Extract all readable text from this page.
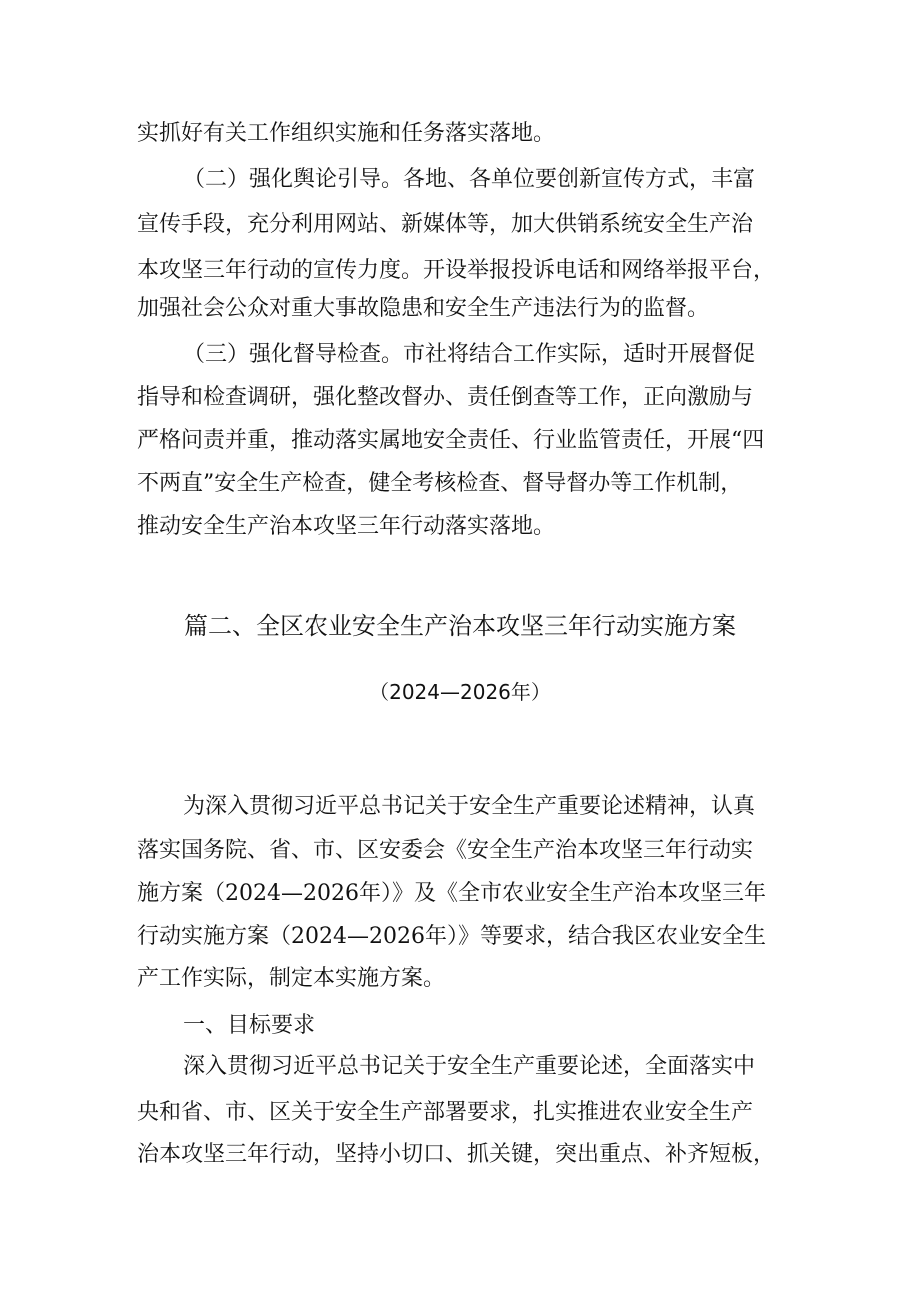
实抓好有关工作组织实施和任务落实落地。
（二）强化舆论引导。各地、各单位要创新宣传方式，丰富
宣传手段，充分利用网站、新媒体等，加大供销系统安全生产治
本攻坚三年行动的宣传力度。开设举报投诉电话和网络举报平台，
加强社会公众对重大事故隐患和安全生产违法行为的监督。
（三）强化督导检查。市社将结合工作实际，适时开展督促
指导和检查调研，强化整改督办、责任倒查等工作，正向激励与
严格问责并重，推动落实属地安全责任、行业监管责任，开展“四
不两直”安全生产检查，健全考核检查、督导督办等工作机制，
推动安全生产治本攻坚三年行动落实落地。
篇二、全区农业安全生产治本攻坚三年行动实施方案
（2024—2026年）
为深入贯彻习近平总书记关于安全生产重要论述精神，认真
落实国务院、省、市、区安委会《安全生产治本攻坚三年行动实
施方案（2024—2026年）》及《全市农业安全生产治本攻坚三年
行动实施方案（2024—2026年）》等要求，结合我区农业安全生
产工作实际，制定本实施方案。
一、目标要求
深入贯彻习近平总书记关于安全生产重要论述，全面落实中
央和省、市、区关于安全生产部署要求，扎实推进农业安全生产
治本攻坚三年行动，坚持小切口、抓关键，突出重点、补齐短板，
